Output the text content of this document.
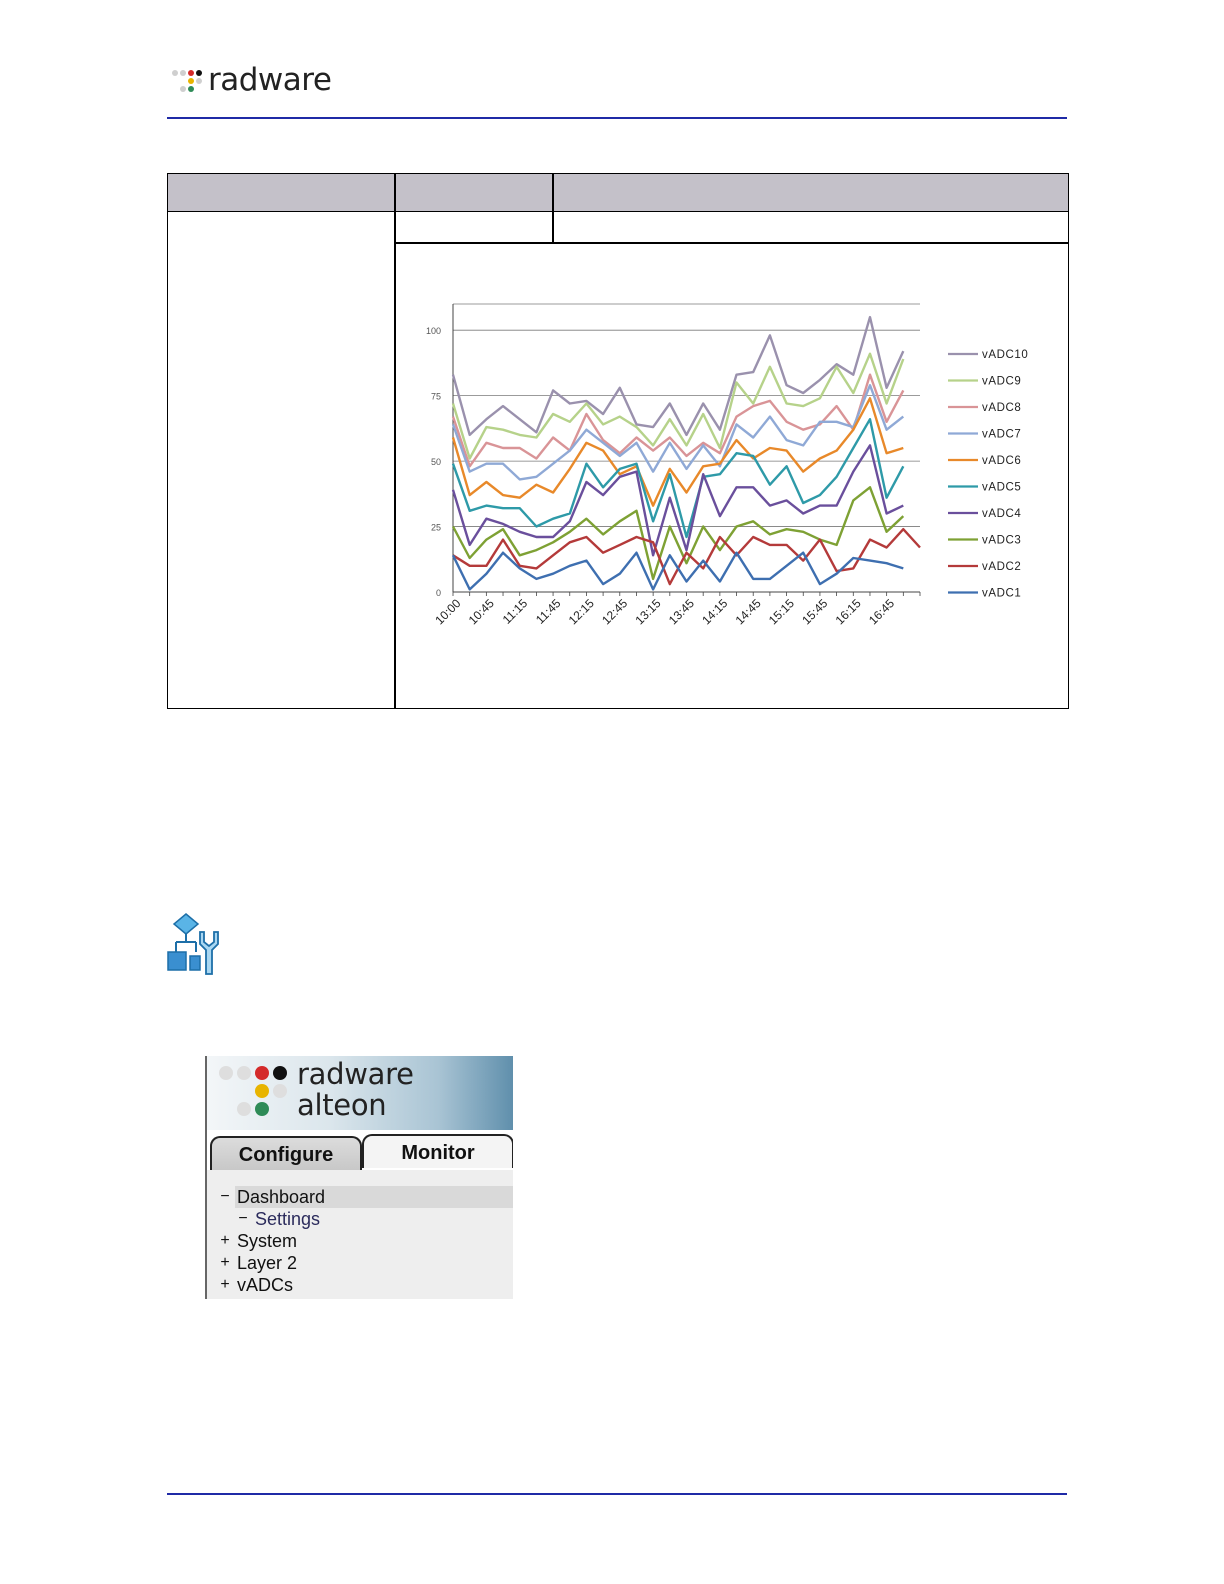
radware
0
25
50
75
100
10:00 10:45 11:15 11:45 12:15 12:45 13:15 13:45 14:15 14:45 15:15 15:45 16:15 16:45
vADC10
vADC9
vADC8
vADC7
vADC6
vADC5
vADC4
vADC3
vADC2
vADC1
radware
alteon
Configure	Monitor
− Dashboard
− Settings
+ System
+ Layer 2
+ vADCs
